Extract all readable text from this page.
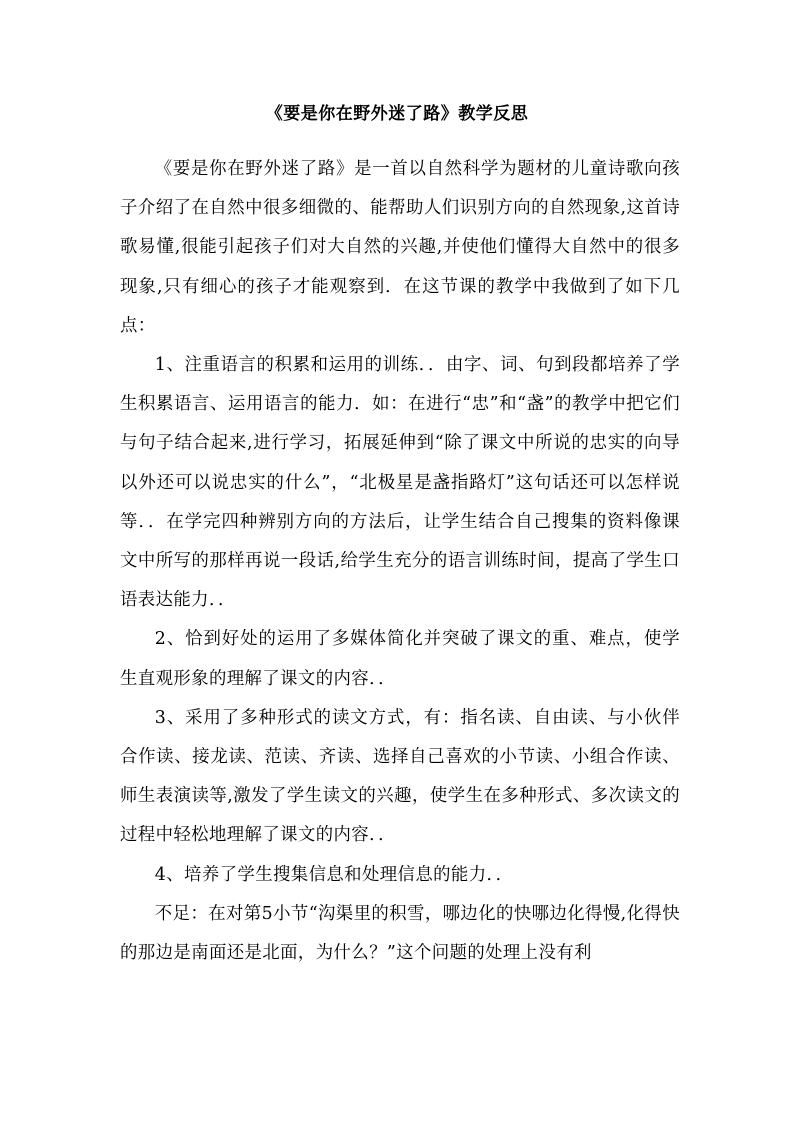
《要是你在野外迷了路》教学反思

《要是你在野外迷了路》是一首以自然科学为题材的儿童诗歌向孩子介绍了在自然中很多细微的、能帮助人们识别方向的自然现象,这首诗歌易懂,很能引起孩子们对大自然的兴趣,并使他们懂得大自然中的很多现象,只有细心的孩子才能观察到．在这节课的教学中我做到了如下几点：

1、注重语言的积累和运用的训练．．由字、词、句到段都培养了学生积累语言、运用语言的能力．如：在进行“忠”和“盏”的教学中把它们与句子结合起来,进行学习，拓展延伸到“除了课文中所说的忠实的向导以外还可以说忠实的什么”，“北极星是盏指路灯”这句话还可以怎样说等．．在学完四种辨别方向的方法后，让学生结合自己搜集的资料像课文中所写的那样再说一段话,给学生充分的语言训练时间，提高了学生口语表达能力．．

2、恰到好处的运用了多媒体简化并突破了课文的重、难点，使学生直观形象的理解了课文的内容．．

3、采用了多种形式的读文方式，有：指名读、自由读、与小伙伴合作读、接龙读、范读、齐读、选择自己喜欢的小节读、小组合作读、师生表演读等,激发了学生读文的兴趣，使学生在多种形式、多次读文的过程中轻松地理解了课文的内容．．

4、培养了学生搜集信息和处理信息的能力．．

不足：在对第5小节“沟渠里的积雪，哪边化的快哪边化得慢,化得快的那边是南面还是北面，为什么？”这个问题的处理上没有利
